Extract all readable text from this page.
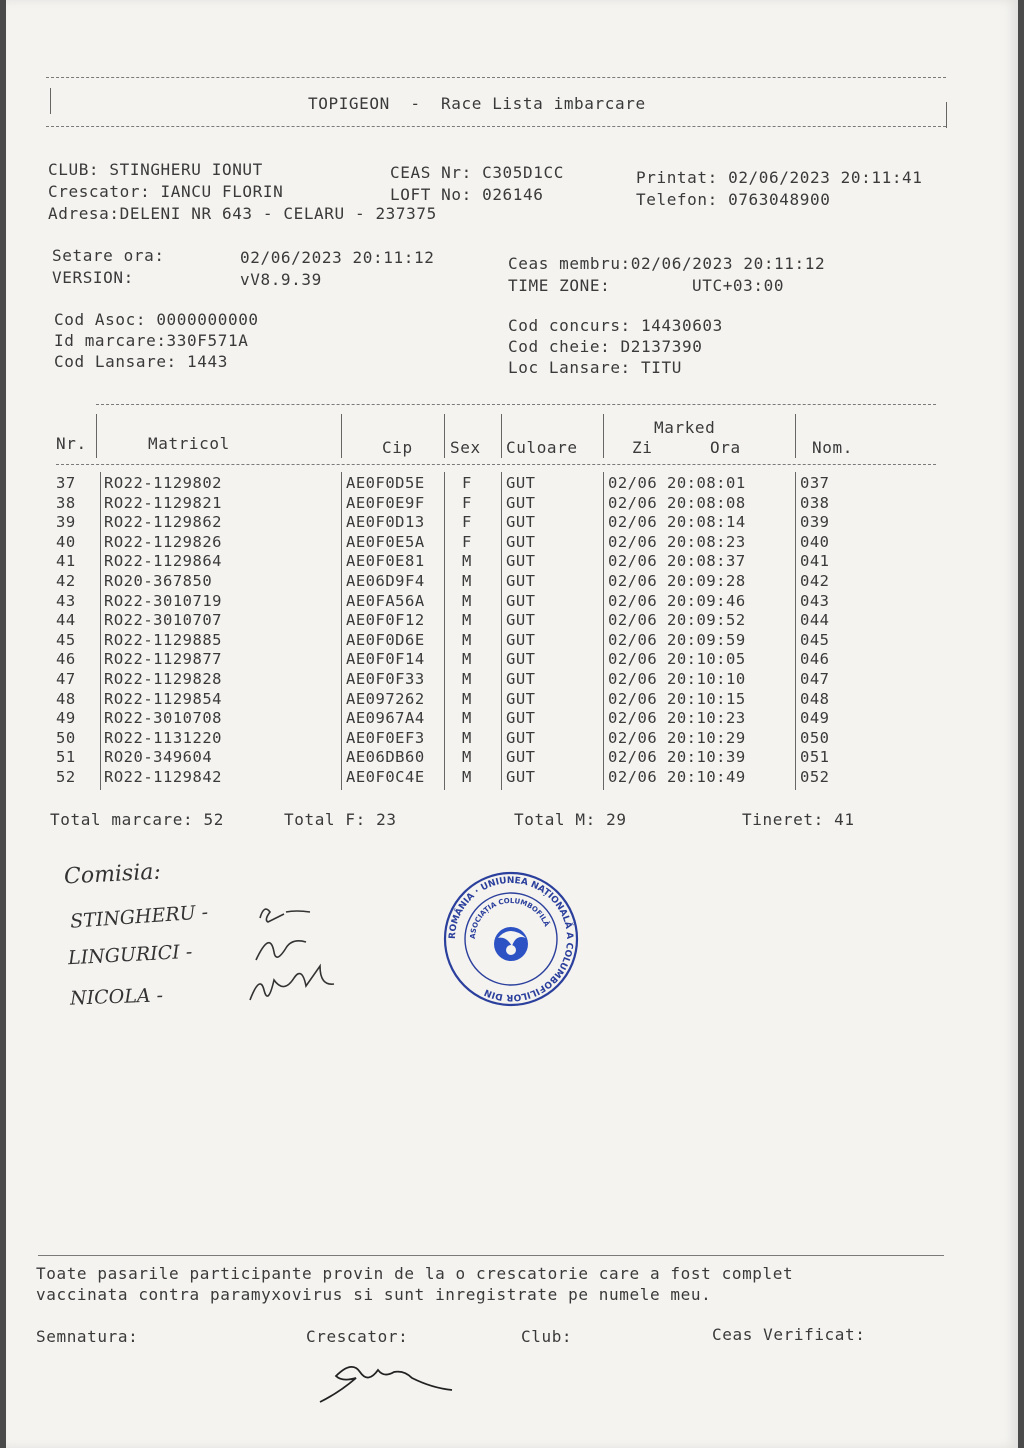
TOPIGEON  -  Race Lista imbarcare
CLUB: STINGHERU IONUT
Crescator: IANCU FLORIN
Adresa:DELENI NR 643 - CELARU - 237375
CEAS Nr: C305D1CC
LOFT No: 026146
Printat: 02/06/2023 20:11:41
Telefon: 0763048900
Setare ora:	02/06/2023 20:11:12
VERSION:	vV8.9.39
Ceas membru:02/06/2023 20:11:12
TIME ZONE:	UTC+03:00
Cod Asoc: 0000000000
Id marcare:330F571A
Cod Lansare: 1443
Cod concurs: 14430603
Cod cheie: D2137390
Loc Lansare: TITU
Nr.	Matricol	Cip Sex Culoare
Marked
Zi	Ora	Nom.
37 RO22-1129802	AE0F0D5E F GUT	02/06 20:08:01	037
38 RO22-1129821	AE0F0E9F F GUT	02/06 20:08:08	038
39 RO22-1129862	AE0F0D13 F GUT	02/06 20:08:14	039
40 RO22-1129826	AE0F0E5A F GUT	02/06 20:08:23	040
41 RO22-1129864	AE0F0E81 M GUT	02/06 20:08:37	041
42 RO20-367850	AE06D9F4 M GUT	02/06 20:09:28	042
43 RO22-3010719	AE0FA56A M GUT	02/06 20:09:46	043
44 RO22-3010707	AE0F0F12 M GUT	02/06 20:09:52	044
45 RO22-1129885	AE0F0D6E M GUT	02/06 20:09:59	045
46 RO22-1129877	AE0F0F14 M GUT	02/06 20:10:05	046
47 RO22-1129828	AE0F0F33 M GUT	02/06 20:10:10	047
48 RO22-1129854	AE097262 M GUT	02/06 20:10:15	048
49 RO22-3010708	AE0967A4 M GUT	02/06 20:10:23	049
50 RO22-1131220	AE0F0EF3 M GUT	02/06 20:10:29	050
51 RO20-349604	AE06DB60 M GUT	02/06 20:10:39	051
52 RO22-1129842	AE0F0C4E M GUT	02/06 20:10:49	052
Total marcare: 52	Total F: 23	Total M: 29	Tineret: 41
Comisia:
STINGHERU -
LINGURICI -
NICOLA -
ROMÂNIA · UNIUNEA NAȚIONALĂ A COLUMBOFILILOR DIN
ASOCIAȚIA COLUMBOFILĂ
Toate pasarile participante provin de la o crescatorie care a fost complet
vaccinata contra paramyxovirus si sunt inregistrate pe numele meu.
Semnatura:	Crescator:	Club:	Ceas Verificat:
